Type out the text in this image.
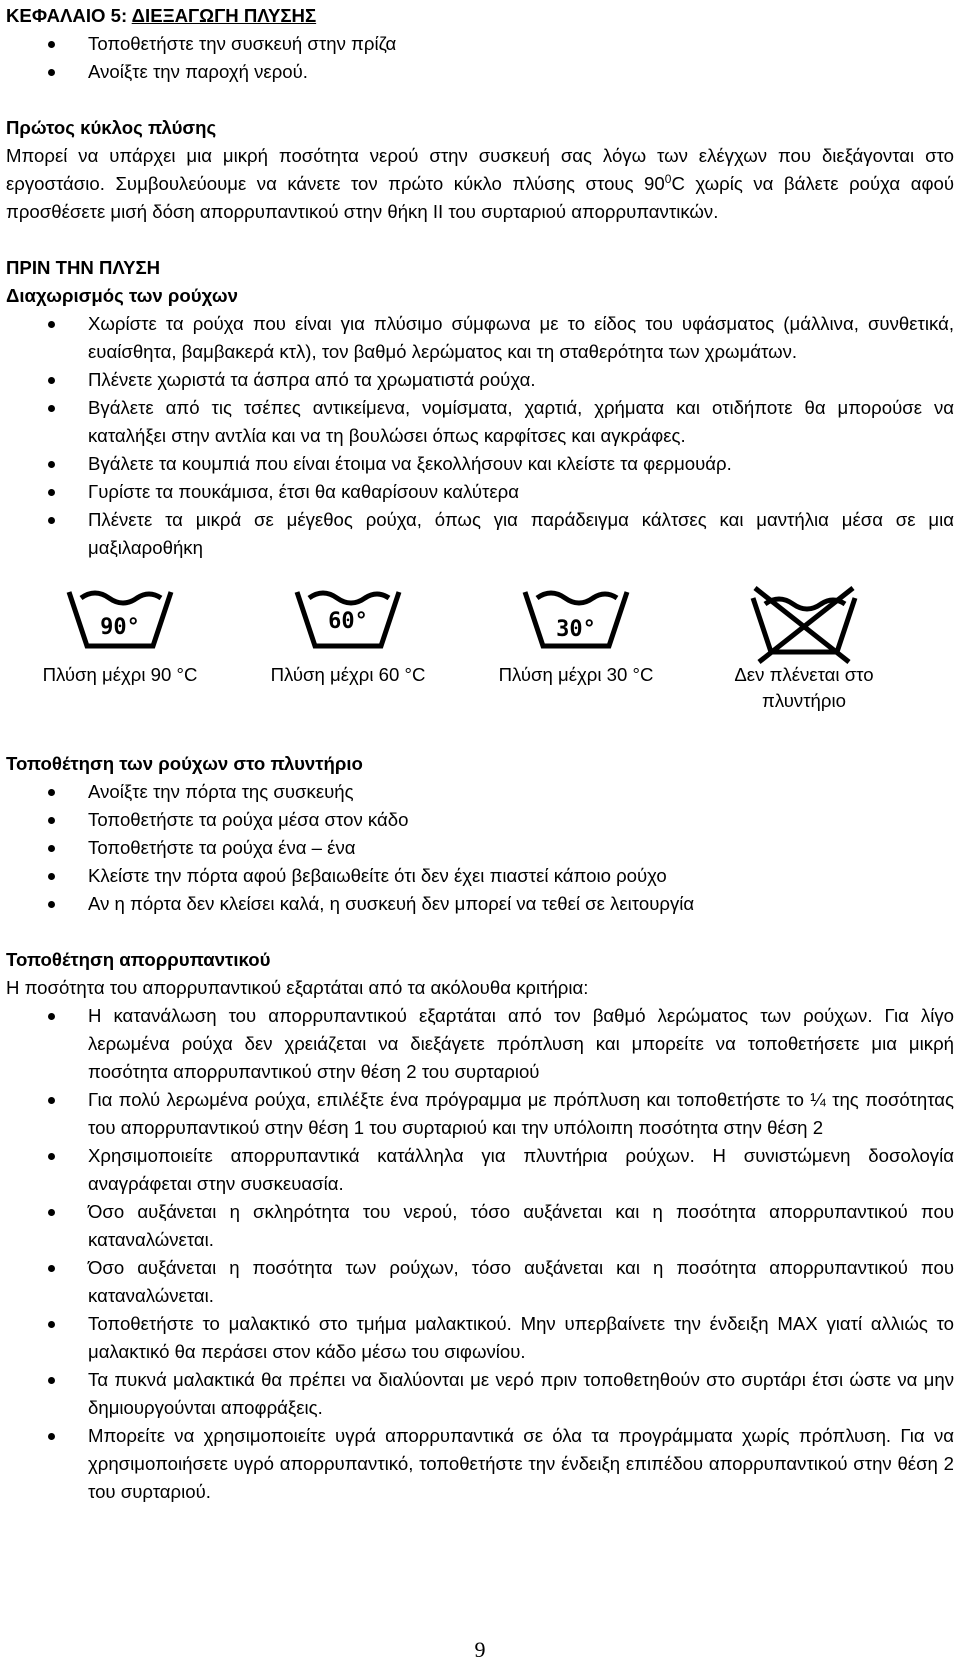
ΚΕΦΑΛΑΙΟ 5: ΔΙΕΞΑΓΩΓΗ ΠΛΥΣΗΣ

Τοποθετήστε την συσκευή στην πρίζα
Ανοίξτε την παροχή νερού.

Πρώτος κύκλος πλύσης

Μπορεί να υπάρχει μια μικρή ποσότητα νερού στην συσκευή σας λόγω των ελέγχων που διεξάγονται στο εργοστάσιο. Συμβουλεύουμε να κάνετε τον πρώτο κύκλο πλύσης στους $90^0C$ χωρίς να βάλετε ρούχα αφού προσθέσετε μισή δόση απορρυπαντικού στην θήκη ΙΙ του συρταριού απορρυπαντικών.

ΠΡΙΝ ΤΗΝ ΠΛΥΣΗ

Διαχωρισμός των ρούχων

Χωρίστε τα ρούχα που είναι για πλύσιμο σύμφωνα με το είδος του υφάσματος (μάλλινα, συνθετικά, ευαίσθητα, βαμβακερά κτλ), τον βαθμό λερώματος και τη σταθερότητα των χρωμάτων.
Πλένετε χωριστά τα άσπρα από τα χρωματιστά ρούχα.
Βγάλετε από τις τσέπες αντικείμενα, νομίσματα, χαρτιά, χρήματα και οτιδήποτε θα μπορούσε να καταλήξει στην αντλία και να τη βουλώσει όπως καρφίτσες και αγκράφες.
Βγάλετε τα κουμπιά που είναι έτοιμα να ξεκολλήσουν και κλείστε τα φερμουάρ.
Γυρίστε τα πουκάμισα, έτσι θα καθαρίσουν καλύτερα
Πλένετε τα μικρά σε μέγεθος ρούχα, όπως για παράδειγμα κάλτσες και μαντήλια μέσα σε μια μαξιλαροθήκη
90°
Πλύση μέχρι 90 °C
60°
Πλύση μέχρι 60 °C
30°
Πλύση μέχρι 30 °C	Δεν πλένεται στο πλυντήριο

Τοποθέτηση των ρούχων στο πλυντήριο

Ανοίξτε την πόρτα της συσκευής
Τοποθετήστε τα ρούχα μέσα στον κάδο
Τοποθετήστε τα ρούχα ένα – ένα
Κλείστε την πόρτα αφού βεβαιωθείτε ότι δεν έχει πιαστεί κάποιο ρούχο
Αν η πόρτα δεν κλείσει καλά, η συσκευή δεν μπορεί να τεθεί σε λειτουργία

Τοποθέτηση απορρυπαντικού

Η ποσότητα του απορρυπαντικού εξαρτάται από τα ακόλουθα κριτήρια:

Η κατανάλωση του απορρυπαντικού εξαρτάται από τον βαθμό λερώματος των ρούχων. Για λίγο λερωμένα ρούχα δεν χρειάζεται να διεξάγετε πρόπλυση και μπορείτε να τοποθετήσετε μια μικρή ποσότητα απορρυπαντικού στην θέση 2 του συρταριού
Για πολύ λερωμένα ρούχα, επιλέξτε ένα πρόγραμμα με πρόπλυση και τοποθετήστε το ¼ της ποσότητας του απορρυπαντικού στην θέση 1 του συρταριού και την υπόλοιπη ποσότητα στην θέση 2
Χρησιμοποιείτε απορρυπαντικά κατάλληλα για πλυντήρια ρούχων. Η συνιστώμενη δοσολογία αναγράφεται στην συσκευασία.
Όσο αυξάνεται η σκληρότητα του νερού, τόσο αυξάνεται και η ποσότητα απορρυπαντικού που καταναλώνεται.
Όσο αυξάνεται η ποσότητα των ρούχων, τόσο αυξάνεται και η ποσότητα απορρυπαντικού που καταναλώνεται.
Τοποθετήστε το μαλακτικό στο τμήμα μαλακτικού. Μην υπερβαίνετε την ένδειξη MAX γιατί αλλιώς το μαλακτικό θα περάσει στον κάδο μέσω του σιφωνίου.
Τα πυκνά μαλακτικά θα πρέπει να διαλύονται με νερό πριν τοποθετηθούν στο συρτάρι έτσι ώστε να μην δημιουργούνται αποφράξεις.
Μπορείτε να χρησιμοποιείτε υγρά απορρυπαντικά σε όλα τα προγράμματα χωρίς πρόπλυση. Για να χρησιμοποιήσετε υγρό απορρυπαντικό, τοποθετήστε την ένδειξη επιπέδου απορρυπαντικού στην θέση 2 του συρταριού.
9
